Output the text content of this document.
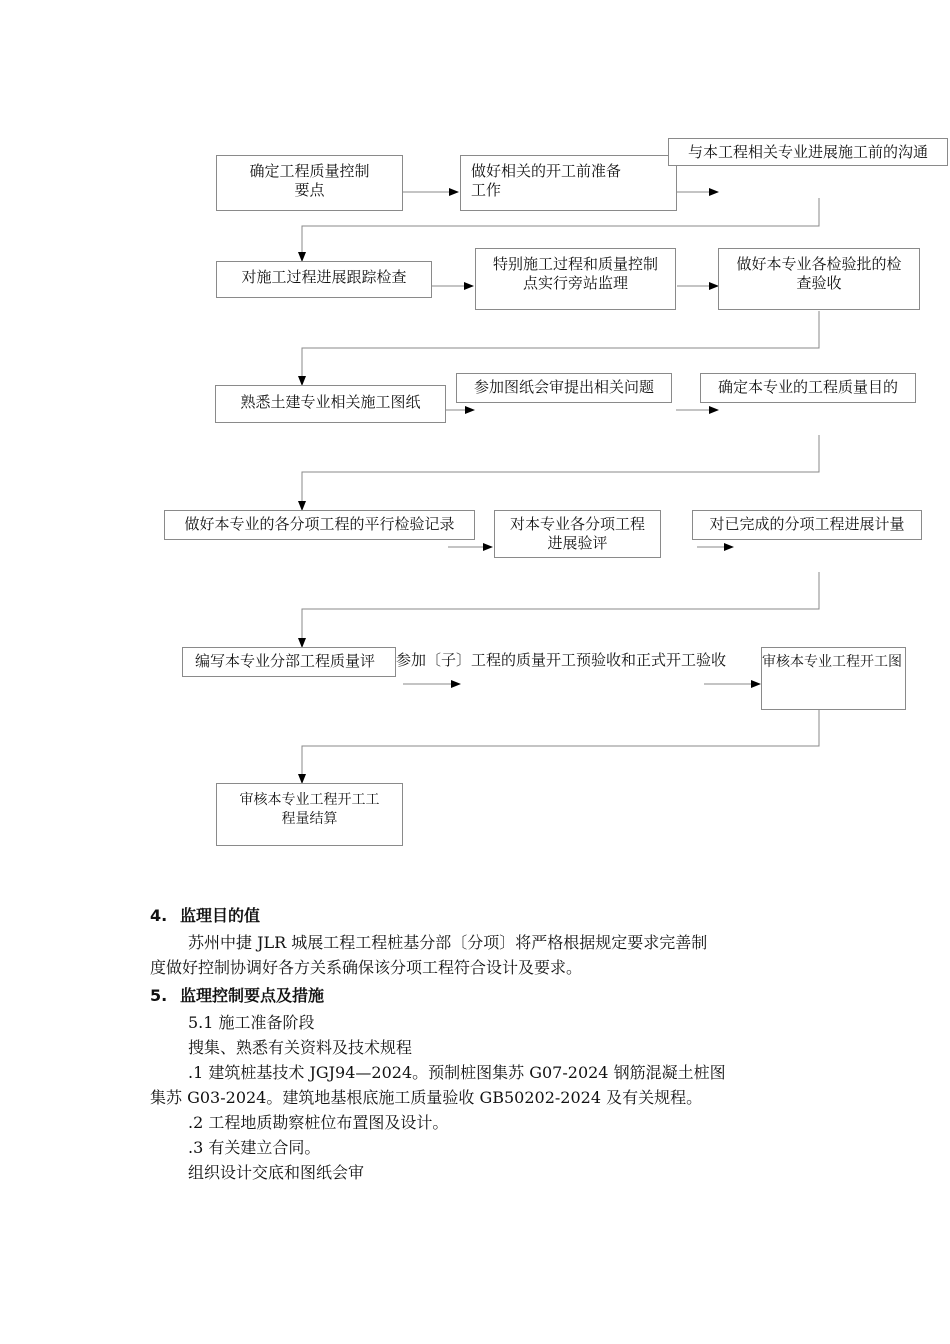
确定工程质量控制
要点
做好相关的开工前准备
工作
与本工程相关专业进展施工前的沟通
对施工过程进展跟踪检查
特别施工过程和质量控制
点实行旁站监理
做好本专业各检验批的检
查验收
熟悉土建专业相关施工图纸
参加图纸会审提出相关问题	确定本专业的工程质量目的
做好本专业的各分项工程的平行检验记录	对本专业各分项工程
进展验评
对已完成的分项工程进展计量
编写本专业分部工程质量评	参加〔子〕工程的质量开工预验收和正式开工验收	审核本专业工程开工图
审核本专业工程开工工
程量结算
4. 监理目的值
苏州中捷 JLR 城展工程工程桩基分部〔分项〕将严格根据规定要求完善制
度做好控制协调好各方关系确保该分项工程符合设计及要求。
5. 监理控制要点及措施
5.1 施工准备阶段
搜集、熟悉有关资料及技术规程
.1 建筑桩基技术 JGJ94—2024。预制桩图集苏 G07-2024 钢筋混凝土桩图
集苏 G03-2024。建筑地基根底施工质量验收 GB50202-2024 及有关规程。
.2 工程地质勘察桩位布置图及设计。
.3 有关建立合同。
组织设计交底和图纸会审
